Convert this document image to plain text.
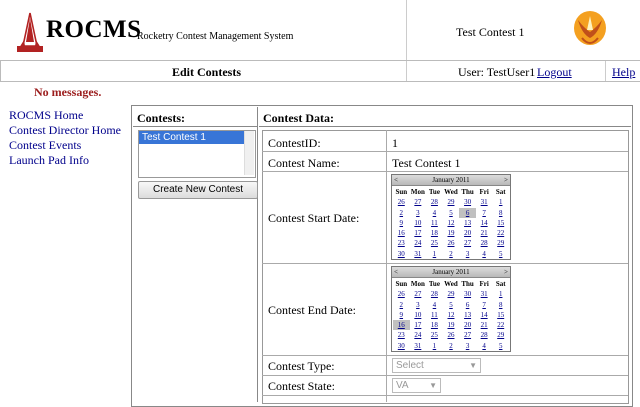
ROCMS
Rocketry Contest Management System	Test Contest 1
Edit Contests	User: TestUser1 Logout	Help
No messages.
ROCMS Home
Contest Director Home
Contest Events
Launch Pad Info
Contests:
Test Contest 1
Create New Contest
Contest Data:
ContestID:	1
Contest Name:	Test Contest 1
Contest Start Date:
<	January 2011	>
Sun Mon Tue Wed Thu Fri	Sat
26	27	28	29	30	31	1
2	3	4	5	6	7	8
9	10	11	12	13	14	15
16	17	18	19	20	21	22
23	24	25	26	27	28	29
30	31	1	2	3	4	5
Contest End Date:
<	January 2011	>
Sun Mon Tue Wed Thu Fri	Sat
26	27	28	29	30	31	1
2	3	4	5	6	7	8
9	10	11	12	13	14	15
16	17	18	19	20	21	22
23	24	25	26	27	28	29
30	31	1	2	3	4	5
Contest Type:	Select	▼
Contest State:	VA	▼
